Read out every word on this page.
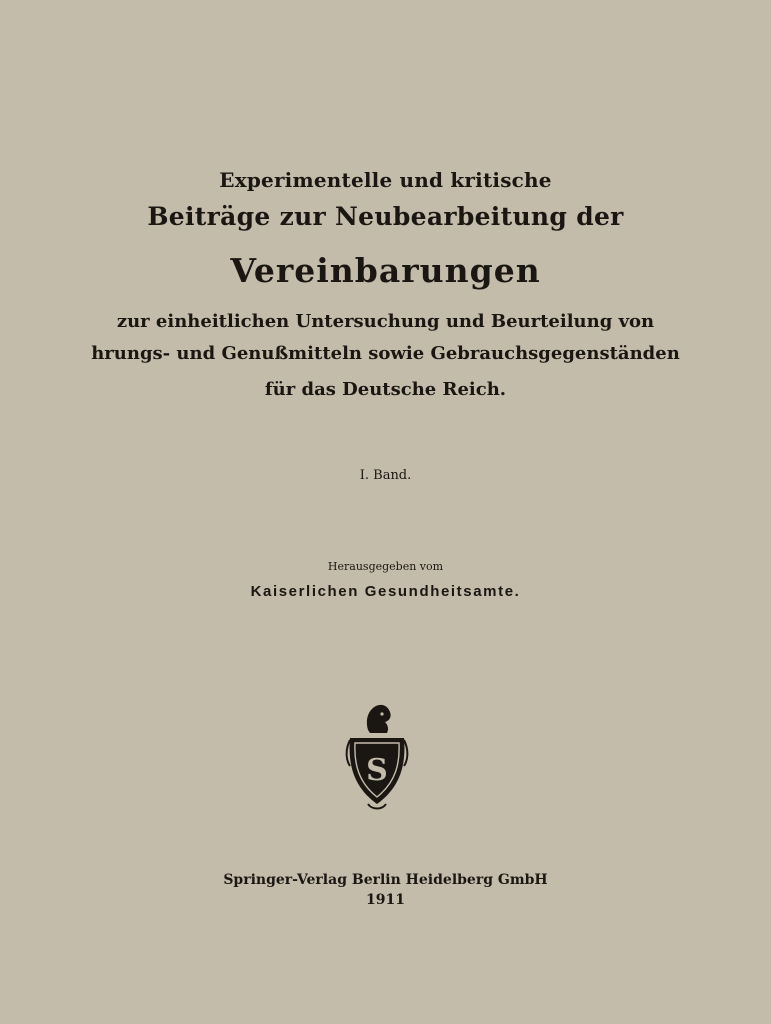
Experimentelle und kritische
Beiträge zur Neubearbeitung der
Vereinbarungen
zur einheitlichen Untersuchung und Beurteilung von
hrungs- und Genußmitteln sowie Gebrauchsgegenständen
für das Deutsche Reich.
I. Band.
Herausgegeben vom
Kaiserlichen Gesundheitsamte.
S
Springer-Verlag Berlin Heidelberg GmbH
1911
